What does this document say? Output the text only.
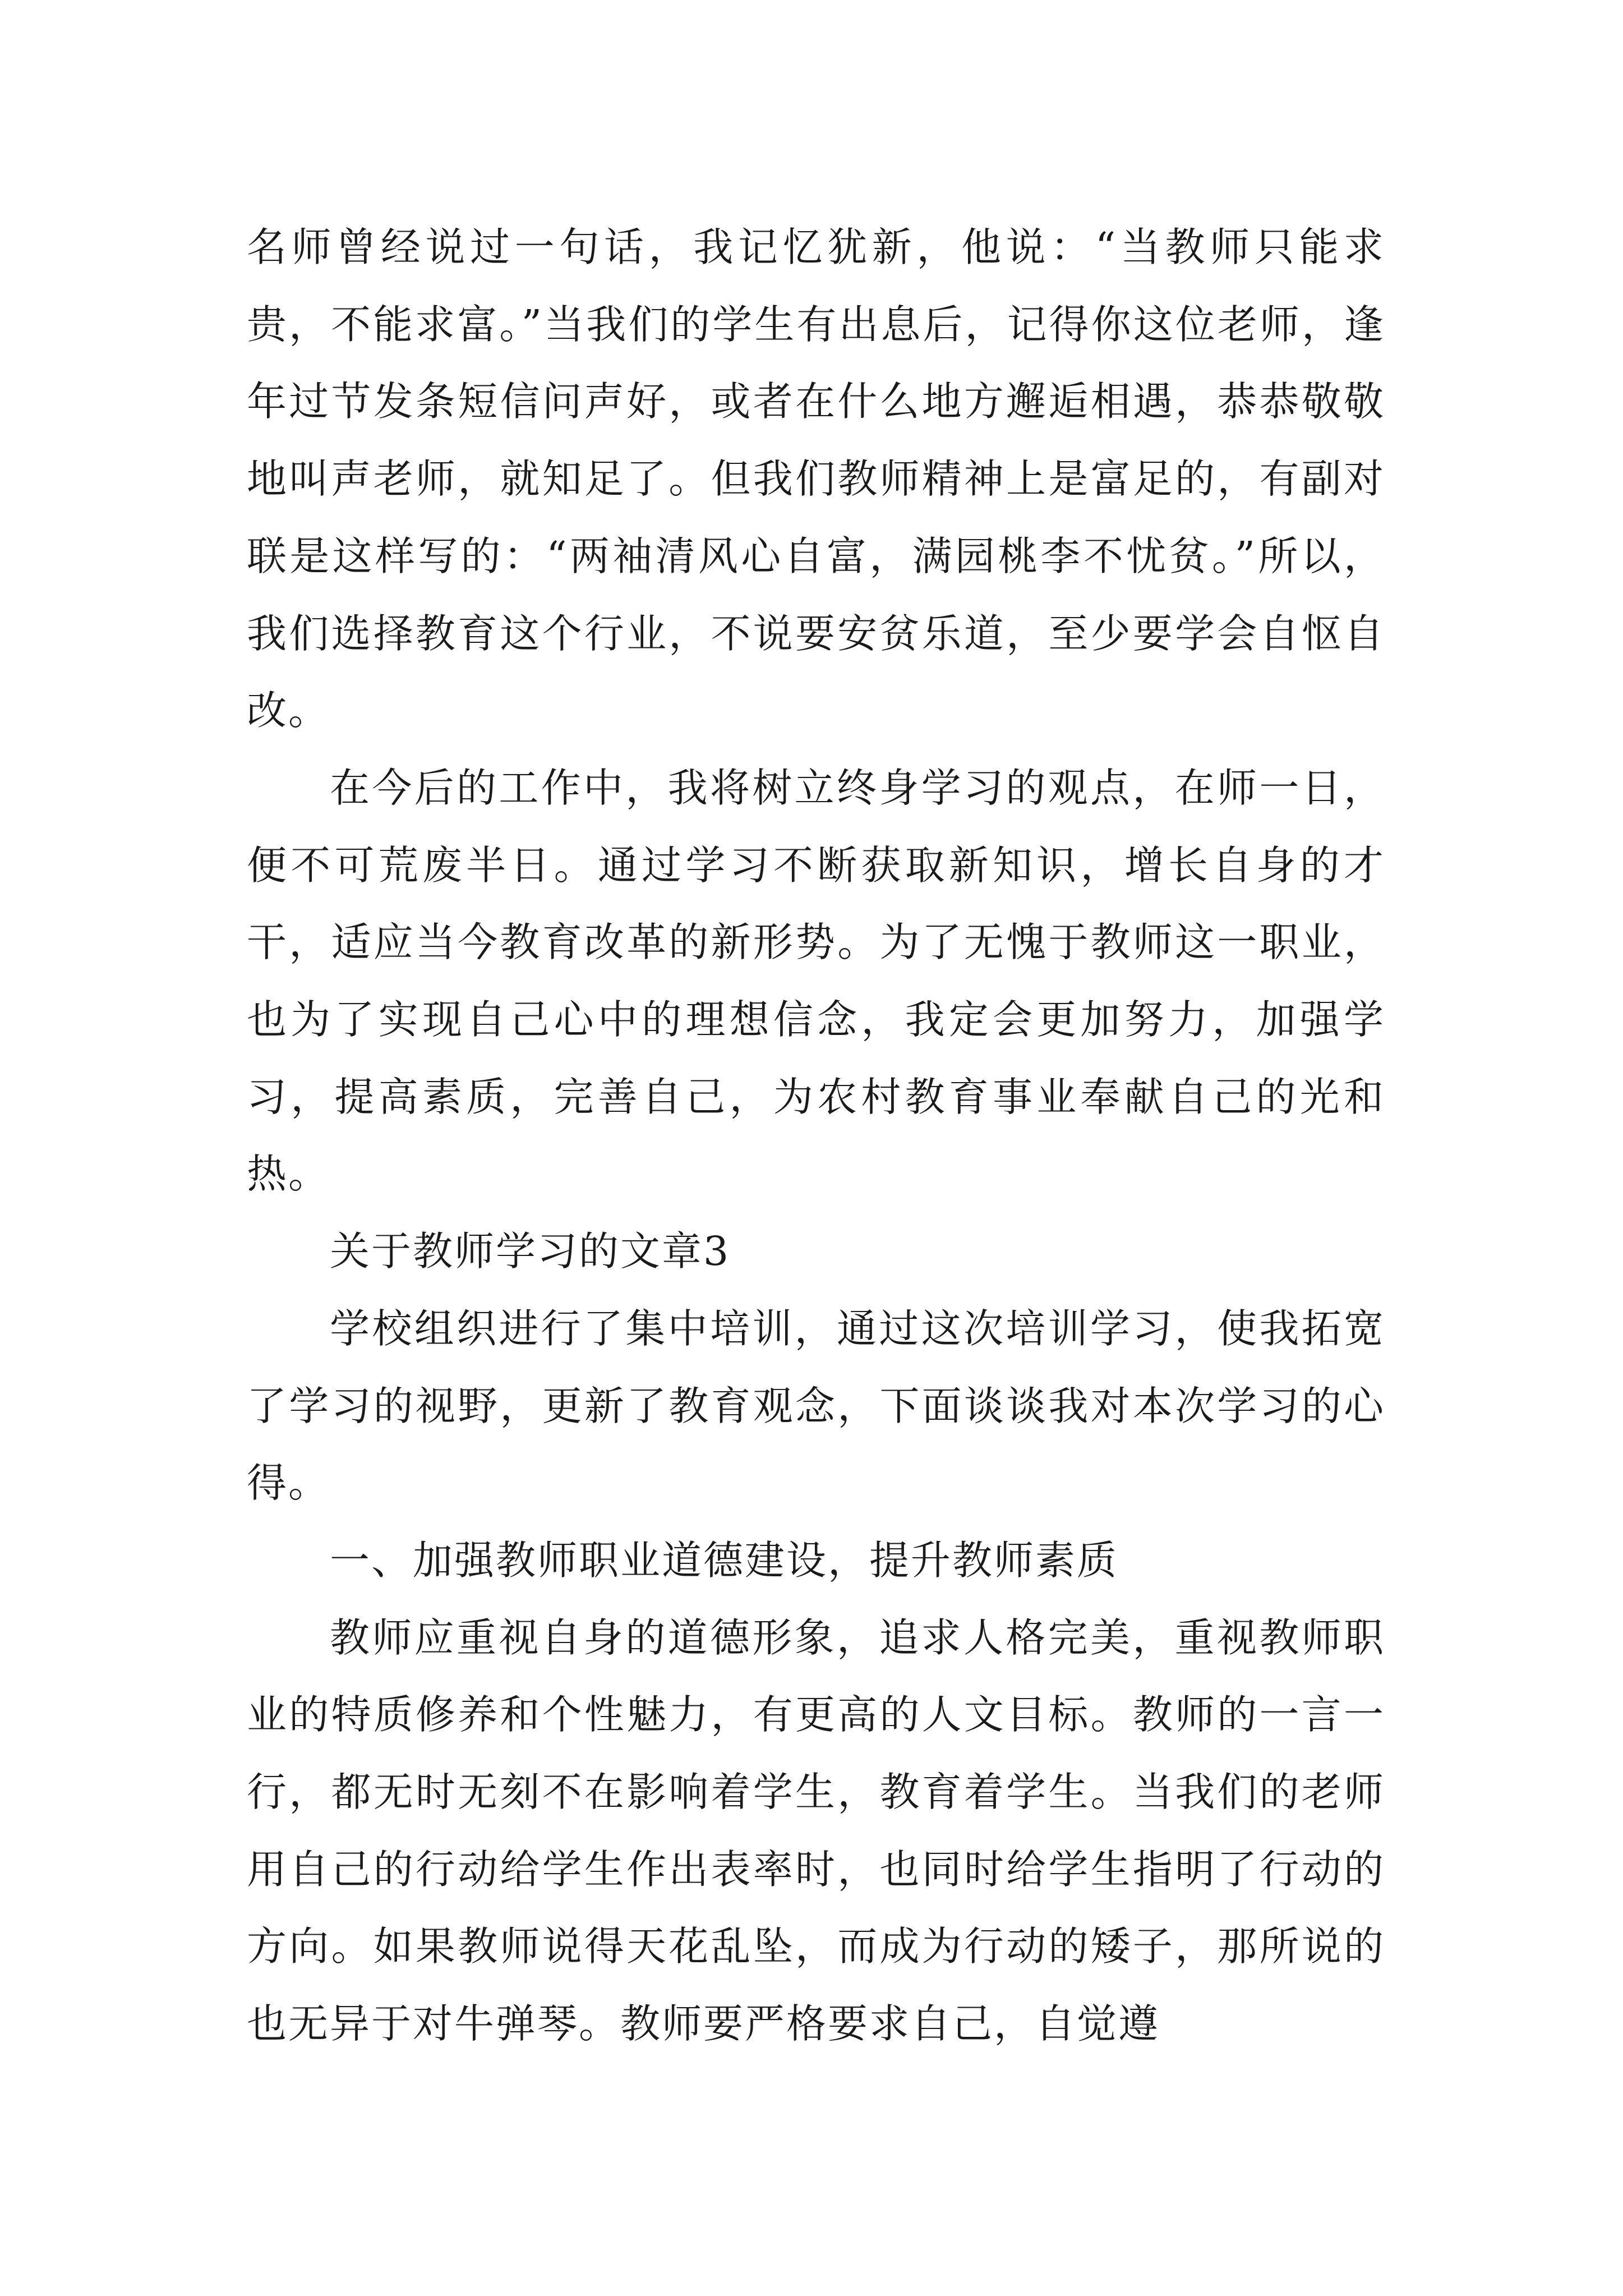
名师曾经说过一句话，我记忆犹新，他说：“当教师只能求贵，不能求富。”当我们的学生有出息后，记得你这位老师，逢年过节发条短信问声好，或者在什么地方邂逅相遇，恭恭敬敬地叫声老师，就知足了。但我们教师精神上是富足的，有副对联是这样写的：“两袖清风心自富，满园桃李不忧贫。”所以，我们选择教育这个行业，不说要安贫乐道，至少要学会自怄自改。

在今后的工作中，我将树立终身学习的观点，在师一日，便不可荒废半日。通过学习不断获取新知识，增长自身的才干，适应当今教育改革的新形势。为了无愧于教师这一职业，也为了实现自己心中的理想信念，我定会更加努力，加强学习，提高素质，完善自己，为农村教育事业奉献自己的光和热。

关于教师学习的文章3

学校组织进行了集中培训，通过这次培训学习，使我拓宽了学习的视野，更新了教育观念，下面谈谈我对本次学习的心得。

一、加强教师职业道德建设，提升教师素质

教师应重视自身的道德形象，追求人格完美，重视教师职业的特质修养和个性魅力，有更高的人文目标。教师的一言一行，都无时无刻不在影响着学生，教育着学生。当我们的老师用自己的行动给学生作出表率时，也同时给学生指明了行动的方向。如果教师说得天花乱坠，而成为行动的矮子，那所说的也无异于对牛弹琴。教师要严格要求自己，自觉遵
